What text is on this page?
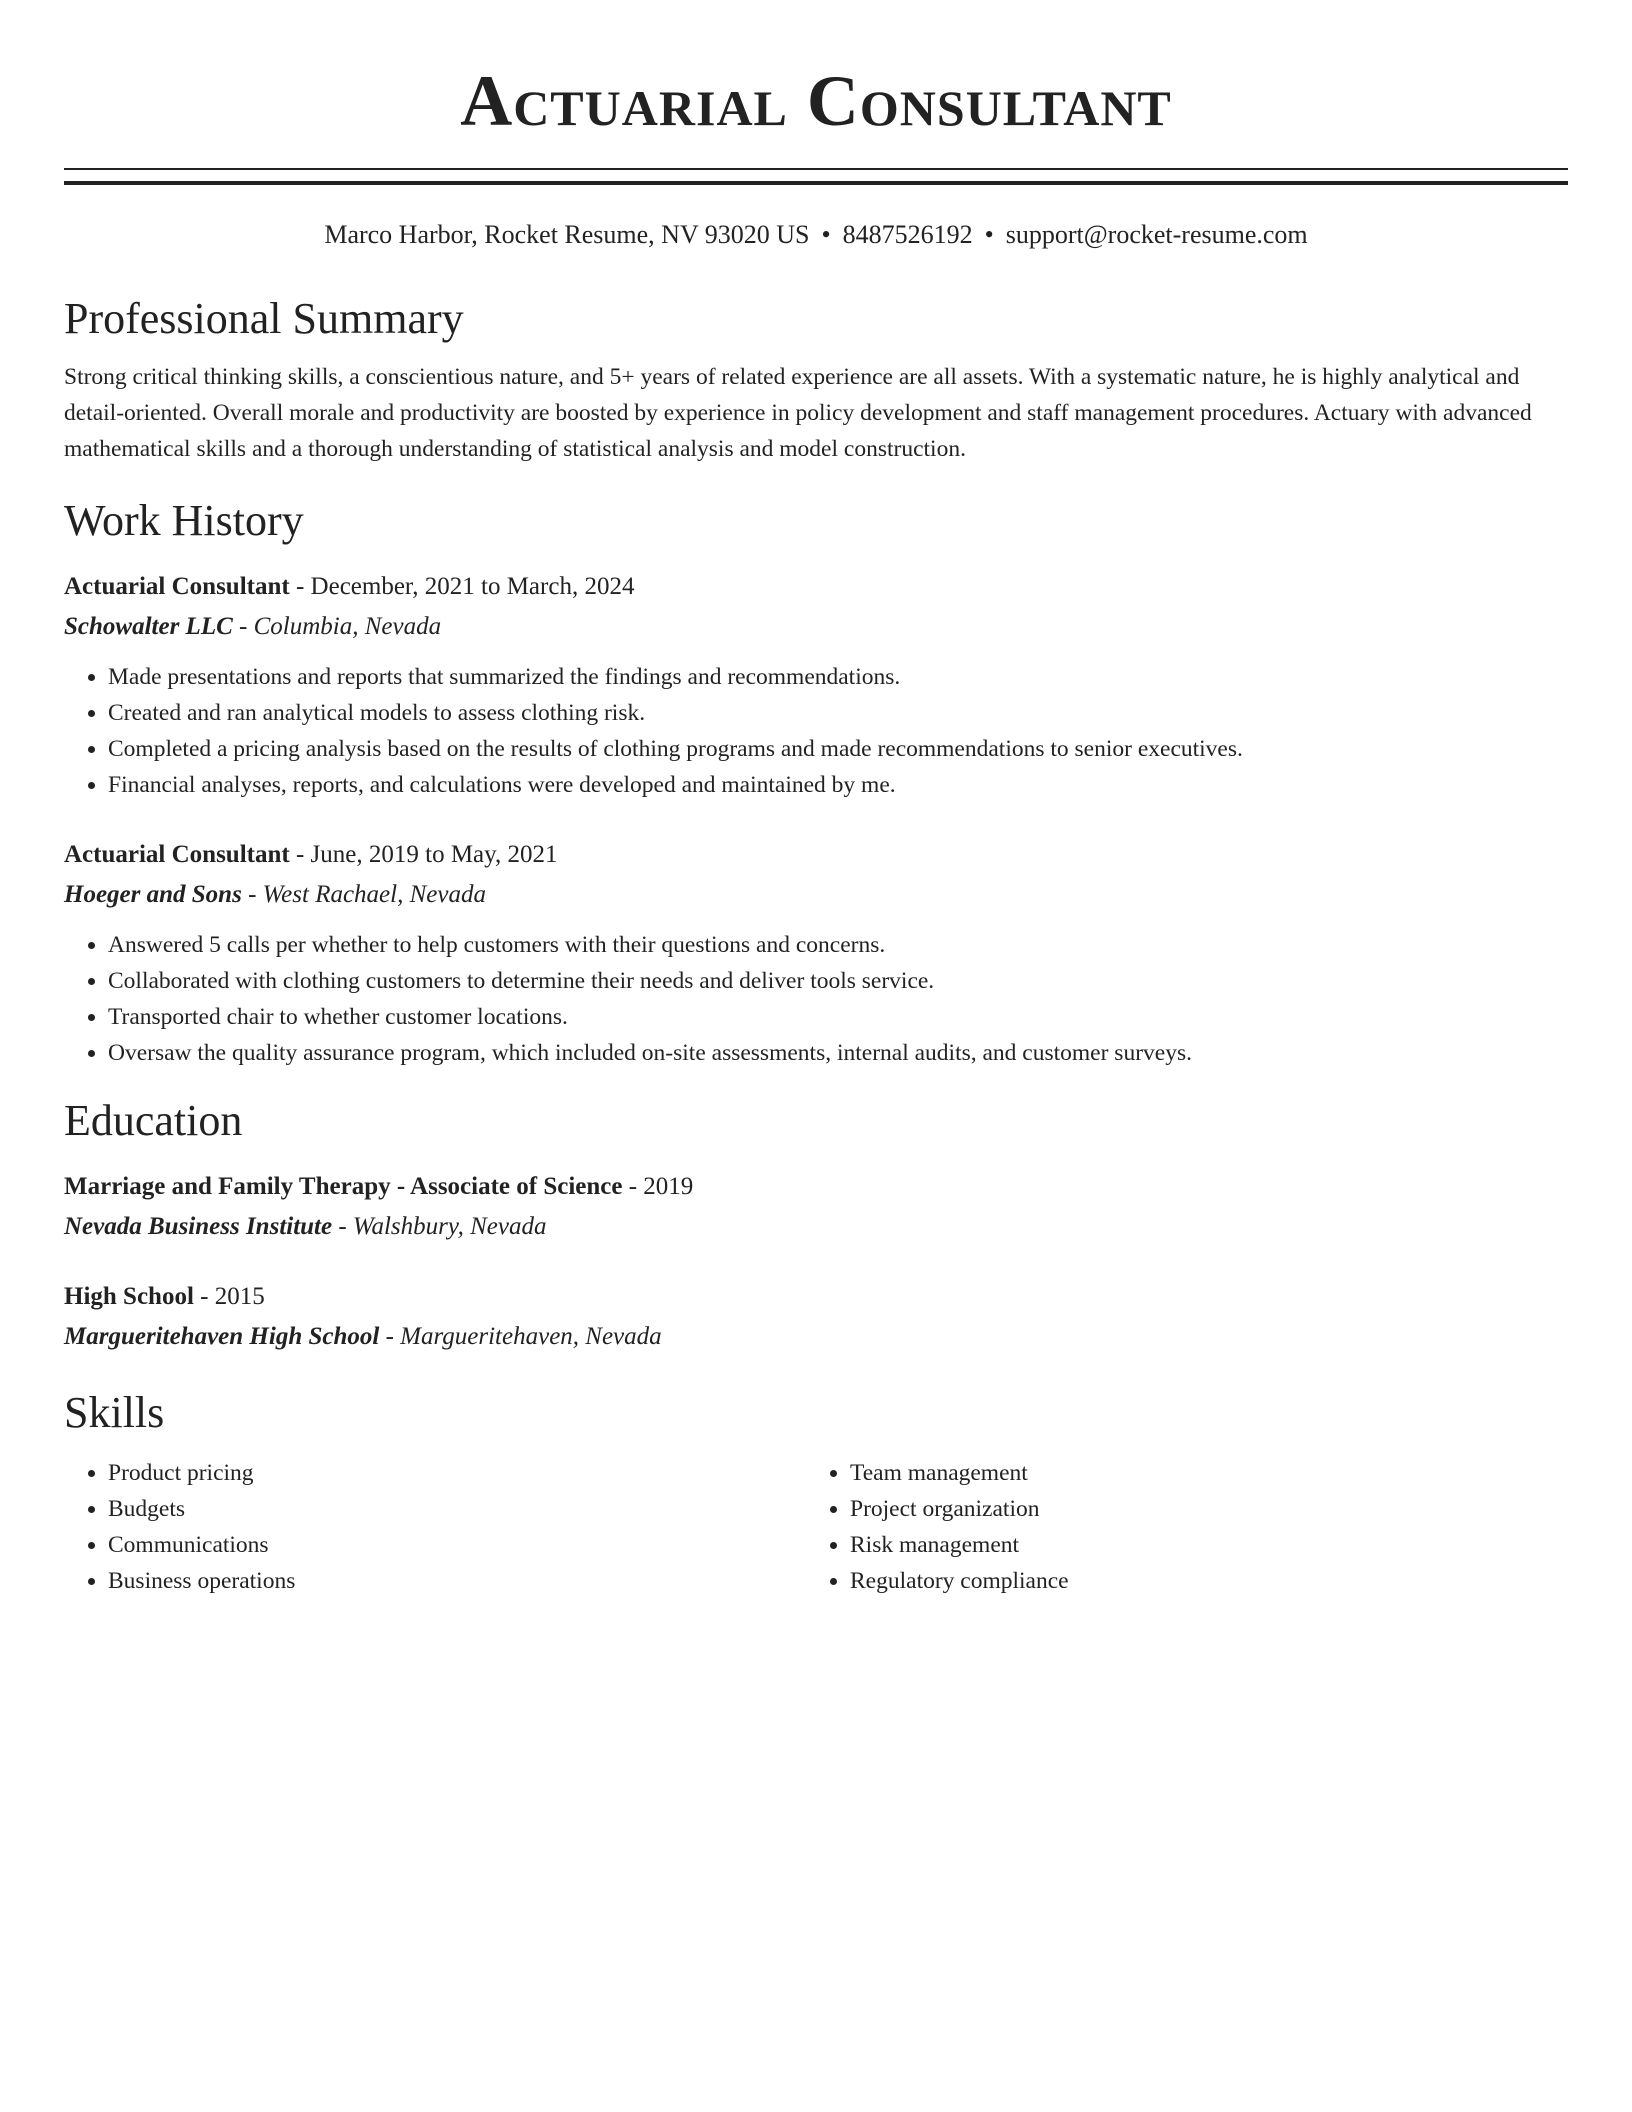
Actuarial Consultant
Marco Harbor, Rocket Resume, NV 93020 US • 8487526192 • support@rocket-resume.com
Professional Summary
Strong critical thinking skills, a conscientious nature, and 5+ years of related experience are all assets. With a systematic nature, he is highly analytical and detail-oriented. Overall morale and productivity are boosted by experience in policy development and staff management procedures. Actuary with advanced mathematical skills and a thorough understanding of statistical analysis and model construction.
Work History
Actuarial Consultant - December, 2021 to March, 2024
Schowalter LLC - Columbia, Nevada
• Made presentations and reports that summarized the findings and recommendations.
• Created and ran analytical models to assess clothing risk.
• Completed a pricing analysis based on the results of clothing programs and made recommendations to senior executives.
• Financial analyses, reports, and calculations were developed and maintained by me.
Actuarial Consultant - June, 2019 to May, 2021
Hoeger and Sons - West Rachael, Nevada
• Answered 5 calls per whether to help customers with their questions and concerns.
• Collaborated with clothing customers to determine their needs and deliver tools service.
• Transported chair to whether customer locations.
• Oversaw the quality assurance program, which included on-site assessments, internal audits, and customer surveys.
Education
Marriage and Family Therapy - Associate of Science - 2019
Nevada Business Institute - Walshbury, Nevada
High School - 2015
Margueritehaven High School - Margueritehaven, Nevada
Skills
• Product pricing
• Budgets
• Communications
• Business operations
• Team management
• Project organization
• Risk management
• Regulatory compliance
